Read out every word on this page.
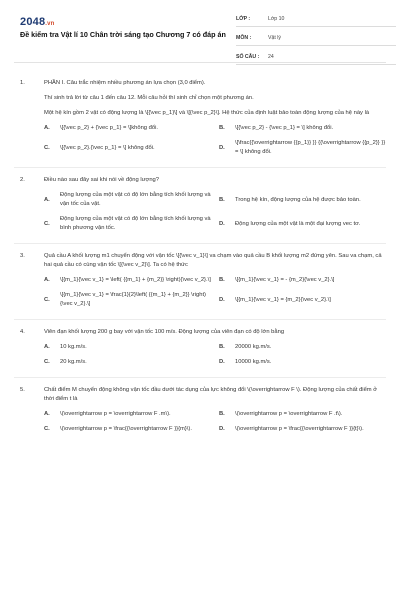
2048.vn
Đề kiểm tra Vật lí 10 Chân trời sáng tạo Chương 7 có đáp án
LỚP :	Lớp 10
MÔN :	Vật lý
SỐ CÂU :	24
1.	PHẦN I. Câu trắc nhiệm nhiều phương án lựa chọn (3,0 điểm).

Thí sinh trả lời từ câu 1 đến câu 12. Mỗi câu hỏi thí sinh chỉ chọn một phương án.

Một hệ kín gồm 2 vật có động lượng là \[{\vec p_1}\] và \[{\vec p_2}\]. Hệ thức của định luật bảo toàn động lượng của hệ này là

A.	\[{\vec p_2} + {\vec p_1} = \]không đổi.	B.	\[{\vec p_2} - {\vec p_1} = \] không đổi.
C.	\[{\vec p_2}.{\vec p_1} = \] không đổi.	D.
\[\frac{{\overrightarrow {{p_1}} }} {{\overrightarrow {{p_2}} }} = \] không đổi.
2.	Điều nào sau đây sai khi nói về động lượng?

A.
Động lượng của một vật có độ lớn bằng tích khối lượng và vận tốc của vật.
B.	Trong hệ kín, động lượng của hệ được bảo toàn.
C.
Động lượng của một vật có độ lớn bằng tích khối lượng và bình phương vận tốc.
D.	Động lượng của một vật là một đại lượng vec tơ.
3.	Quả cầu A khối lượng m1 chuyển động với vận tốc \[{\vec v_1}\] va chạm vào quả cầu B khối lượng m2 đứng yên. Sau va chạm, cả hai quả cầu có cùng vận tốc \[{\vec v_2}\]. Ta có hệ thức

A.	\[{m_1}{\vec v_1} = \left( {{m_1} + {m_2}} \right){\vec v_2}.\] B.	\[{m_1}{\vec v_1} = - {m_2}{\vec v_2}.\]
C.
\[{m_1}{\vec v_1} = \frac{1}{2}\left( {{m_1} + {m_2}} \right){\vec v_2}.\]
D.	\[{m_1}{\vec v_1} = {m_2}{\vec v_2}.\]
4.	Viên đạn khối lượng 200 g bay với vận tốc 100 m/s. Động lượng của viên đạn có độ lớn bằng

A.	10 kg.m/s.	B.	20000 kg.m/s.
C.	20 kg.m/s.	D.	10000 kg.m/s.
5.	Chất điểm M chuyển động không vận tốc đầu dưới tác dụng của lực không đổi \(\overrightarrow F \). Động lượng của chất điểm ở thời điểm t là

A.	\(\overrightarrow p = \overrightarrow F .m\).	B.	\(\overrightarrow p = \overrightarrow F .t\).
C.	\(\overrightarrow p = \frac{{\overrightarrow F }}{m}\).	D.	\(\overrightarrow p = \frac{{\overrightarrow F }}{t}\).
